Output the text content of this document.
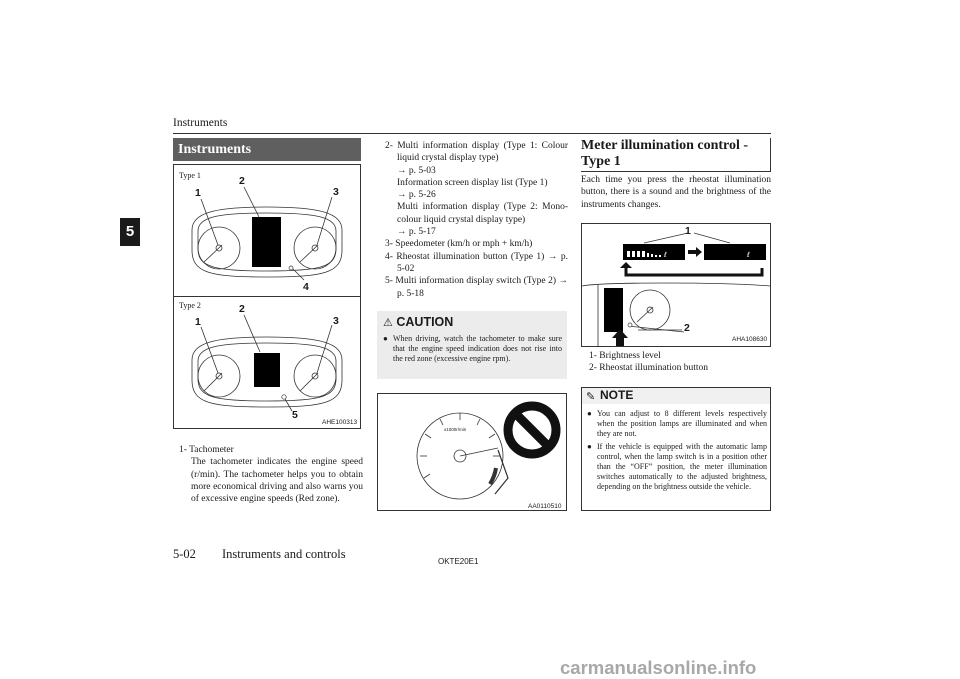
Instruments
5
Instruments
Type 1
Type 2
1
2
3
4
1
2
3
5
AHE100313

1- Tachometer

The tachometer indicates the engine speed (r/min). The tachometer helps you to obtain more economical driving and also warns you of excessive engine speeds (Red zone).

2- Multi information display (Type 1: Colour liquid crystal display type)

→ p. 5-03

Information screen display list (Type 1)

→ p. 5-26

Multi information display (Type 2: Mono-colour liquid crystal display type)

→ p. 5-17

3- Speedometer (km/h or mph + km/h)

4- Rheostat illumination button (Type 1) → p. 5-02

5- Multi information display switch (Type 2) → p. 5-18

⚠ CAUTION
● When driving, watch the tachometer to make sure that the engine speed indication does not rise into the red zone (excessive engine rpm).
x1000r/min
AA0110510
Meter illumination control - Type 1
Each time you press the rheostat illumination button, there is a sound and the brightness of the instruments changes.
ℓ	ℓ
1
2
AHA108630
1- Brightness level
2- Rheostat illumination button
✎ NOTE
● You can adjust to 8 different levels respectively when the position lamps are illuminated and when they are not.
● If the vehicle is equipped with the automatic lamp control, when the lamp switch is in a position other than the “OFF” position, the meter illumination switches automatically to the adjusted brightness, depending on the brightness outside the vehicle.
5-02 Instruments and controls
OKTE20E1
carmanualsonline.info
